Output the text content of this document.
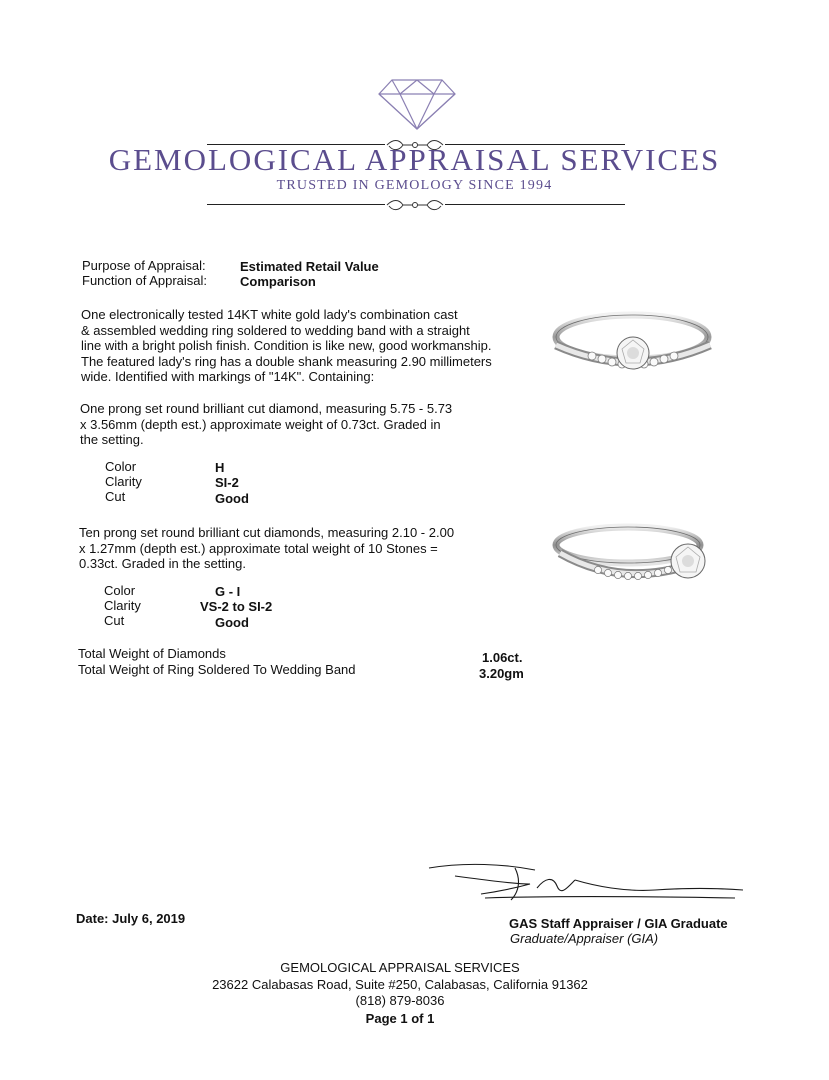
GEMOLOGICAL APPRAISAL SERVICES
TRUSTED IN GEMOLOGY SINCE 1994
Purpose of Appraisal:	Estimated Retail Value
Function of Appraisal:	Comparison
One electronically tested 14KT white gold lady's combination cast
& assembled wedding ring soldered to wedding band with a straight
line with a bright polish finish. Condition is like new, good workmanship.
The featured lady's ring has a double shank measuring 2.90 millimeters
wide. Identified with markings of "14K". Containing:
One prong set round brilliant cut diamond, measuring 5.75 - 5.73
x 3.56mm (depth est.) approximate weight of 0.73ct. Graded in
the setting.
Color	H
Clarity	SI-2
Cut	Good
Ten prong set round brilliant cut diamonds, measuring 2.10 - 2.00
x 1.27mm (depth est.) approximate total weight of 10 Stones =
0.33ct. Graded in the setting.
Color	G - I
Clarity	VS-2 to SI-2
Cut	Good
Total Weight of Diamonds	1.06ct.
Total Weight of Ring Soldered To Wedding Band	3.20gm
Date: July 6, 2019	GAS Staff Appraiser / GIA Graduate
Graduate/Appraiser (GIA)
GEMOLOGICAL APPRAISAL SERVICES
23622 Calabasas Road, Suite #250, Calabasas, California 91362
(818) 879-8036
Page 1 of 1
